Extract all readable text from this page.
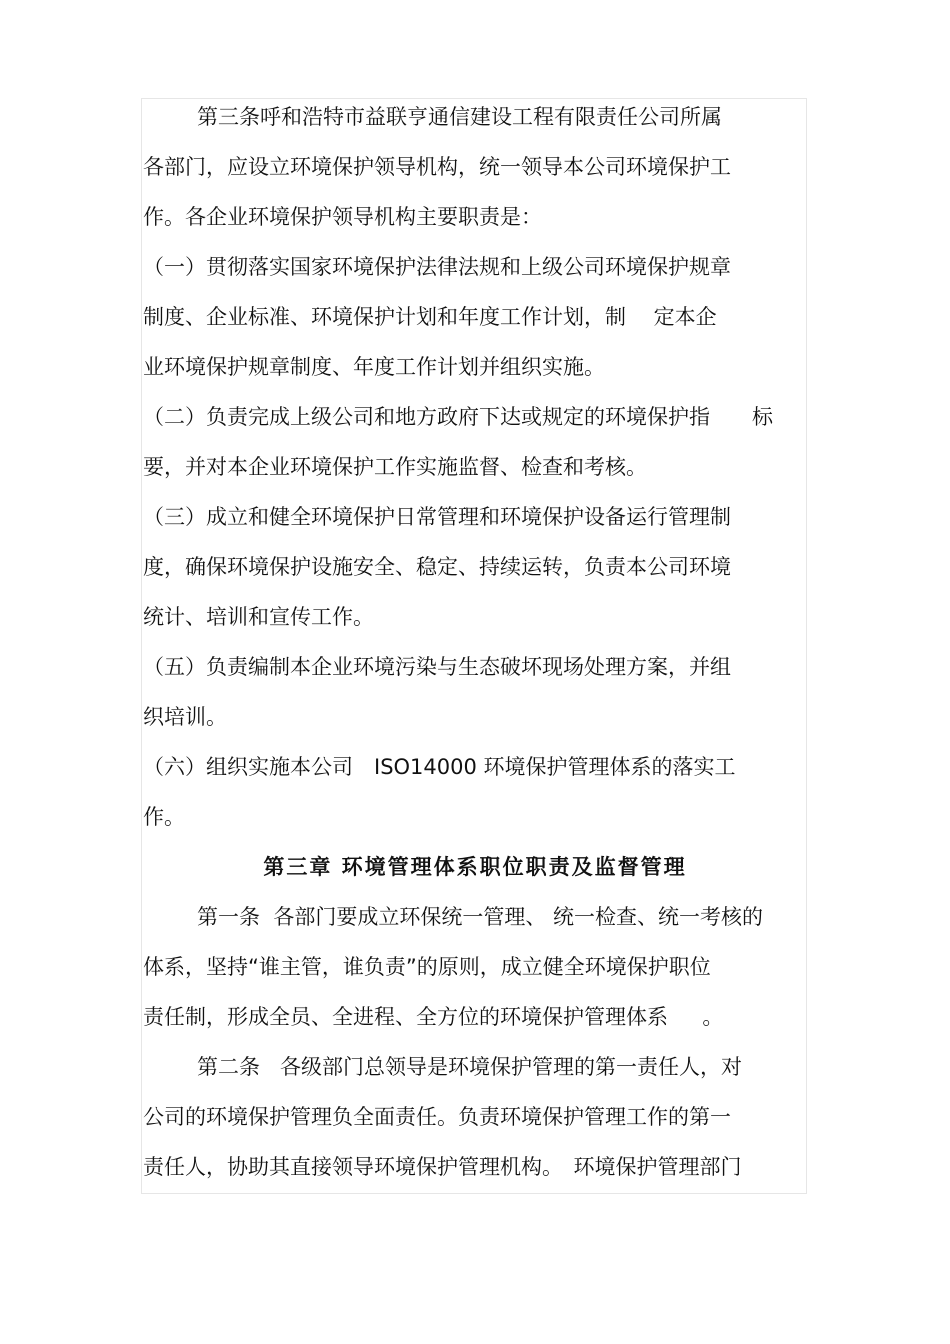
第三条呼和浩特市益联亨通信建设工程有限责任公司所属
各部门，应设立环境保护领导机构，统一领导本公司环境保护工
作。各企业环境保护领导机构主要职责是：
（一）贯彻落实国家环境保护法律法规和上级公司环境保护规章
制度、企业标准、环境保护计划和年度工作计划，制　 定本企
业环境保护规章制度、年度工作计划并组织实施。
（二）负责完成上级公司和地方政府下达或规定的环境保护指　　标
要，并对本企业环境保护工作实施监督、检查和考核。
（三）成立和健全环境保护日常管理和环境保护设备运行管理制
度，确保环境保护设施安全、稳定、持续运转，负责本公司环境
统计、培训和宣传工作。
（五）负责编制本企业环境污染与生态破坏现场处理方案，并组
织培训。
（六）组织实施本公司　ISO14000 环境保护管理体系的落实工
作。
第三章 环境管理体系职位职责及监督管理
第一条  各部门要成立环保统一管理、 统一检查、统一考核的
体系，坚持“谁主管，谁负责”的原则，成立健全环境保护职位
责任制，形成全员、全进程、全方位的环境保护管理体系　  。
第二条   各级部门总领导是环境保护管理的第一责任人，对
公司的环境保护管理负全面责任。负责环境保护管理工作的第一
责任人，协助其直接领导环境保护管理机构。　环境保护管理部门
